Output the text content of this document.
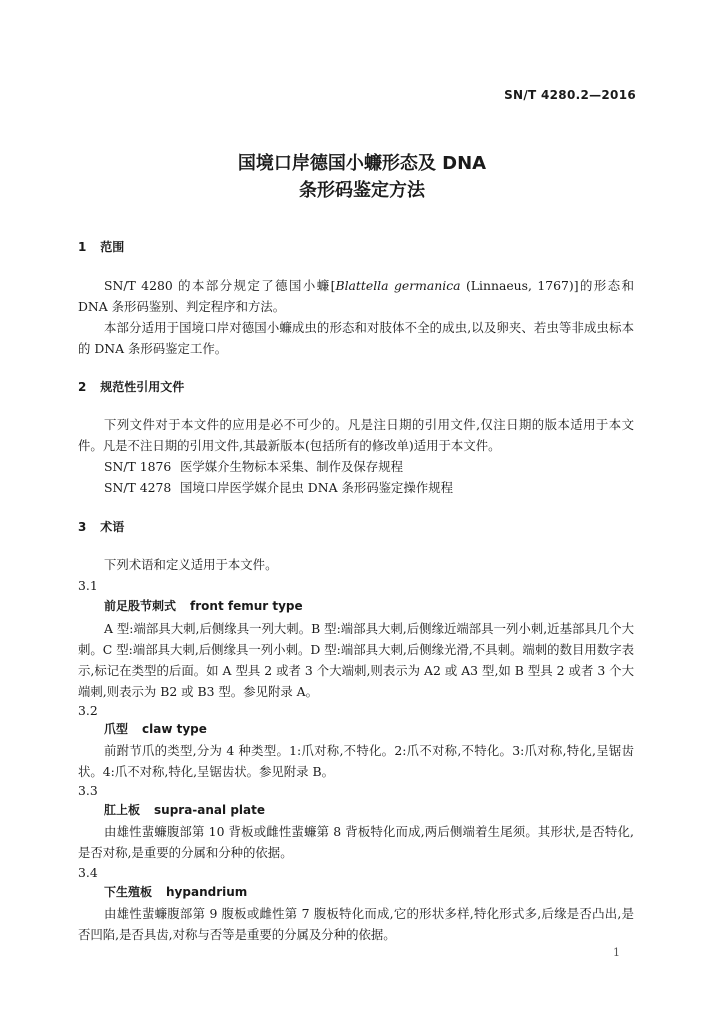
SN/T 4280.2—2016
国境口岸德国小蠊形态及 DNA
条形码鉴定方法
1 范围

SN/T 4280 的本部分规定了德国小蠊[Blattella germanica (Linnaeus, 1767)]的形态和 DNA 条形码鉴别、判定程序和方法。

本部分适用于国境口岸对德国小蠊成虫的形态和对肢体不全的成虫,以及卵夹、若虫等非成虫标本的 DNA 条形码鉴定工作。

2 规范性引用文件

下列文件对于本文件的应用是必不可少的。凡是注日期的引用文件,仅注日期的版本适用于本文件。凡是不注日期的引用文件,其最新版本(包括所有的修改单)适用于本文件。

SN/T 1876 医学媒介生物标本采集、制作及保存规程
SN/T 4278 国境口岸医学媒介昆虫 DNA 条形码鉴定操作规程
3 术语

下列术语和定义适用于本文件。

3.1
前足股节刺式 front femur type

A 型:端部具大刺,后侧缘具一列大刺。B 型:端部具大刺,后侧缘近端部具一列小刺,近基部具几个大刺。C 型:端部具大刺,后侧缘具一列小刺。D 型:端部具大刺,后侧缘光滑,不具刺。端刺的数目用数字表示,标记在类型的后面。如 A 型具 2 或者 3 个大端刺,则表示为 A2 或 A3 型,如 B 型具 2 或者 3 个大端刺,则表示为 B2 或 B3 型。参见附录 A。

3.2
爪型 claw type

前跗节爪的类型,分为 4 种类型。1:爪对称,不特化。2:爪不对称,不特化。3:爪对称,特化,呈锯齿状。4:爪不对称,特化,呈锯齿状。参见附录 B。

3.3
肛上板 supra-anal plate

由雄性蜚蠊腹部第 10 背板或雌性蜚蠊第 8 背板特化而成,两后侧端着生尾须。其形状,是否特化,是否对称,是重要的分属和分种的依据。

3.4
下生殖板 hypandrium

由雄性蜚蠊腹部第 9 腹板或雌性第 7 腹板特化而成,它的形状多样,特化形式多,后缘是否凸出,是否凹陷,是否具齿,对称与否等是重要的分属及分种的依据。

1
